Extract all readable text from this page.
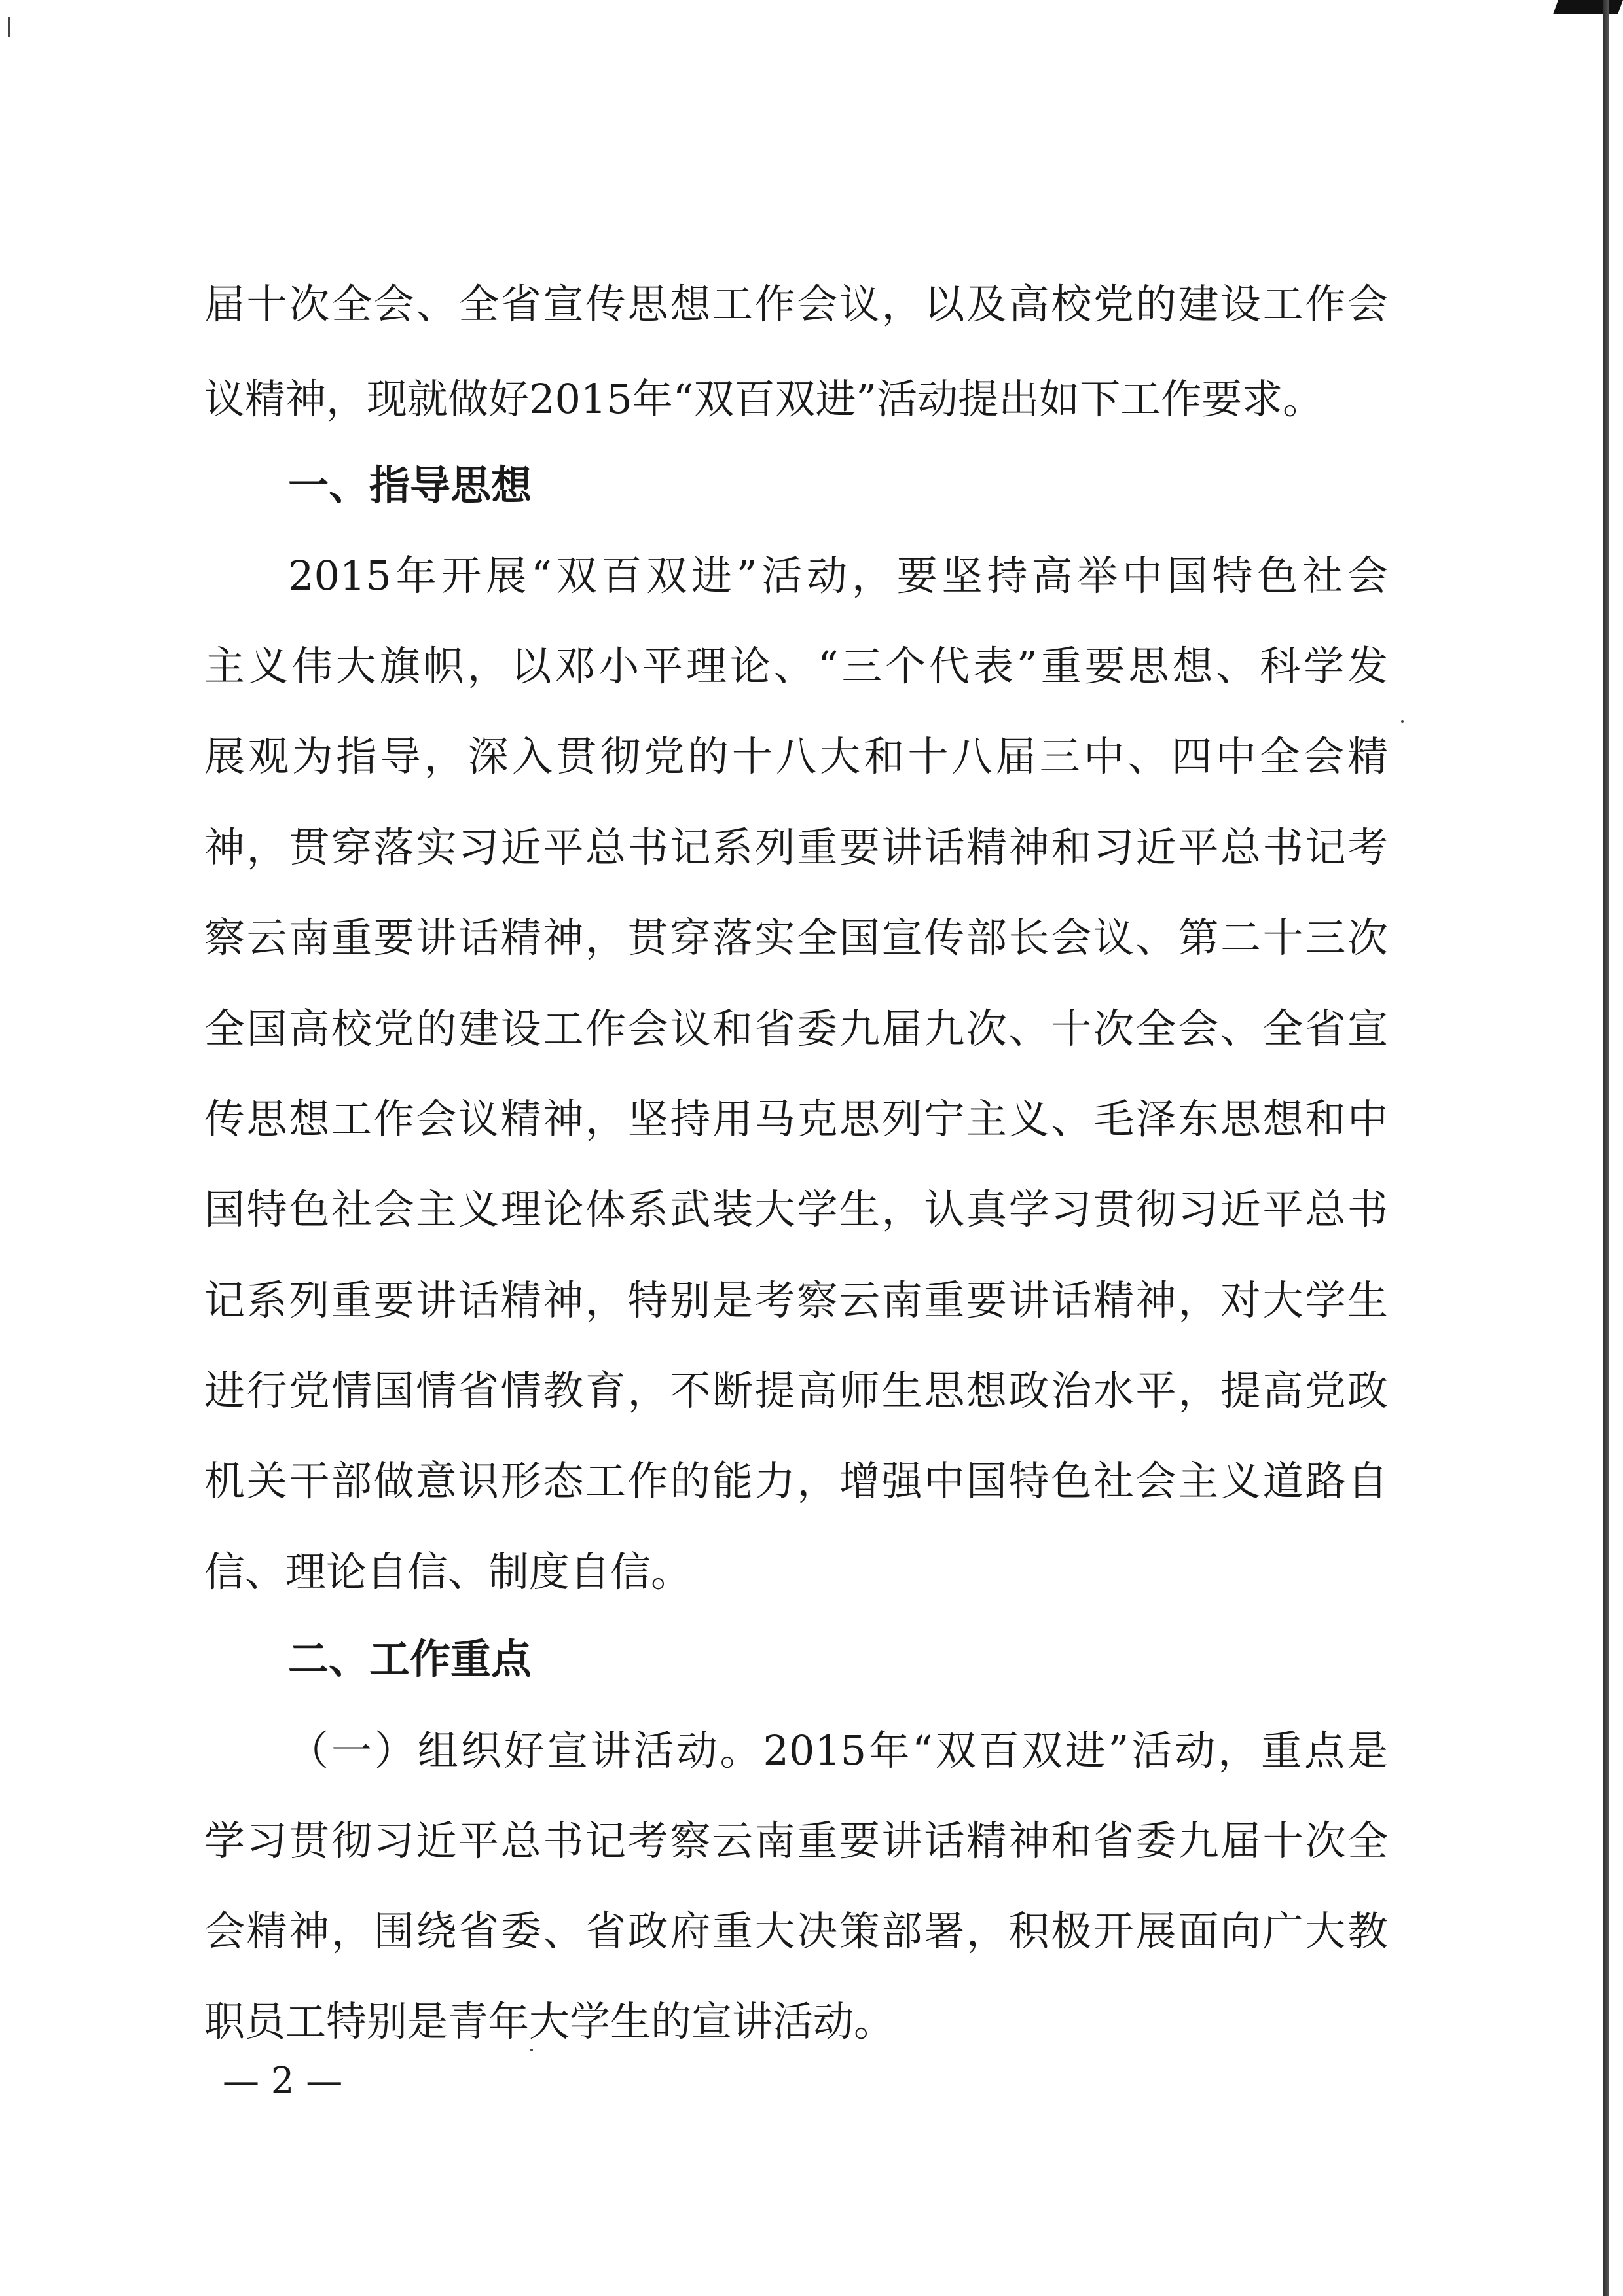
届十次全会、全省宣传思想工作会议，以及高校党的建设工作会
议精神，现就做好2015年“双百双进”活动提出如下工作要求。
一、指导思想
2015年开展“双百双进”活动，要坚持高举中国特色社会
主义伟大旗帜，以邓小平理论、“三个代表”重要思想、科学发
展观为指导，深入贯彻党的十八大和十八届三中、四中全会精
神，贯穿落实习近平总书记系列重要讲话精神和习近平总书记考
察云南重要讲话精神，贯穿落实全国宣传部长会议、第二十三次
全国高校党的建设工作会议和省委九届九次、十次全会、全省宣
传思想工作会议精神，坚持用马克思列宁主义、毛泽东思想和中
国特色社会主义理论体系武装大学生，认真学习贯彻习近平总书
记系列重要讲话精神，特别是考察云南重要讲话精神，对大学生
进行党情国情省情教育，不断提高师生思想政治水平，提高党政
机关干部做意识形态工作的能力，增强中国特色社会主义道路自
信、理论自信、制度自信。
二、工作重点
（一）组织好宣讲活动。2015年“双百双进”活动，重点是
学习贯彻习近平总书记考察云南重要讲话精神和省委九届十次全
会精神，围绕省委、省政府重大决策部署，积极开展面向广大教
职员工特别是青年大学生的宣讲活动。
— 2 —
